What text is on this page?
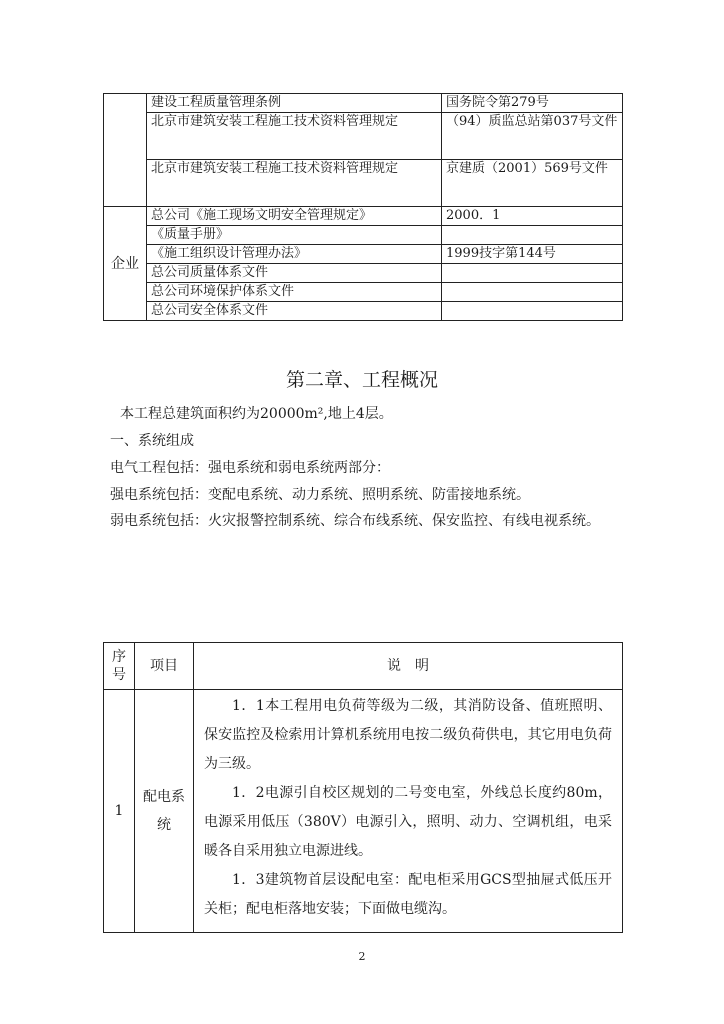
	建设工程质量管理条例	国务院令第279号
	北京市建筑安装工程施工技术资料管理规定	（94）质监总站第037号文件
	北京市建筑安装工程施工技术资料管理规定	京建质（2001）569号文件
企业	总公司《施工现场文明安全管理规定》	2000．1
	《质量手册》	
	《施工组织设计管理办法》	1999技字第144号
	总公司质量体系文件	
	总公司环境保护体系文件	
	总公司安全体系文件	
第二章、工程概况
本工程总建筑面积约为20000m²,地上4层。
一、系统组成
电气工程包括：强电系统和弱电系统两部分：
强电系统包括：变配电系统、动力系统、照明系统、防雷接地系统。
弱电系统包括：火灾报警控制系统、综合布线系统、保安监控、有线电视系统。
序号	项目	说　明
1	配电系统	1．1本工程用电负荷等级为二级，其消防设备、值班照明、保安监控及检索用计算机系统用电按二级负荷供电，其它用电负荷为三级。
1．2电源引自校区规划的二号变电室，外线总长度约80m，电源采用低压（380V）电源引入，照明、动力、空调机组，电采暖各自采用独立电源进线。
1．3建筑物首层设配电室：配电柜采用GCS型抽屉式低压开关柜；配电柜落地安装；下面做电缆沟。
2
